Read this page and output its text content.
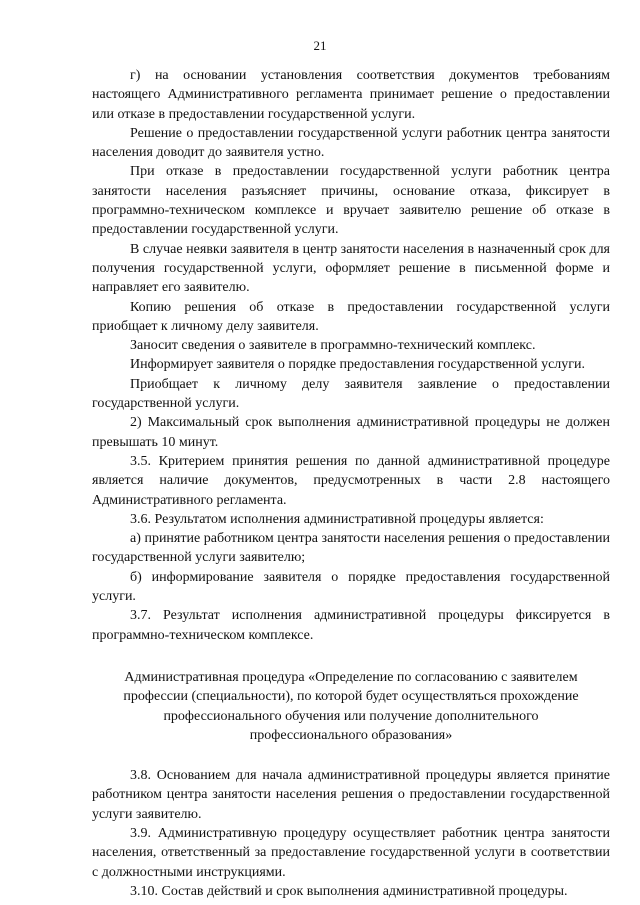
21

г) на основании установления соответствия документов требованиям настоящего Административного регламента принимает решение о предоставлении или отказе в предоставлении государственной услуги.

Решение о предоставлении государственной услуги работник центра занятости населения доводит до заявителя устно.

При отказе в предоставлении государственной услуги работник центра занятости населения разъясняет причины, основание отказа, фиксирует в программно-техническом комплексе и вручает заявителю решение об отказе в предоставлении государственной услуги.

В случае неявки заявителя в центр занятости населения в назначенный срок для получения государственной услуги, оформляет решение в письменной форме и направляет его заявителю.

Копию решения об отказе в предоставлении государственной услуги приобщает к личному делу заявителя.

Заносит сведения о заявителе в программно-технический комплекс.

Информирует заявителя о порядке предоставления государственной услуги.

Приобщает к личному делу заявителя заявление о предоставлении государственной услуги.

2) Максимальный срок выполнения административной процедуры не должен превышать 10 минут.

3.5. Критерием принятия решения по данной административной процедуре является наличие документов, предусмотренных в части 2.8 настоящего Административного регламента.

3.6. Результатом исполнения административной процедуры является:

а) принятие работником центра занятости населения решения о предоставлении государственной услуги заявителю;

б) информирование заявителя о порядке предоставления государственной услуги.

3.7. Результат исполнения административной процедуры фиксируется в программно-техническом комплексе.

Административная процедура «Определение по согласованию с заявителем профессии (специальности), по которой будет осуществляться прохождение профессионального обучения или получение дополнительного профессионального образования»

3.8. Основанием для начала административной процедуры является принятие работником центра занятости населения решения о предоставлении государственной услуги заявителю.

3.9. Административную процедуру осуществляет работник центра занятости населения, ответственный за предоставление государственной услуги в соответствии с должностными инструкциями.

3.10. Состав действий и срок выполнения административной процедуры.
